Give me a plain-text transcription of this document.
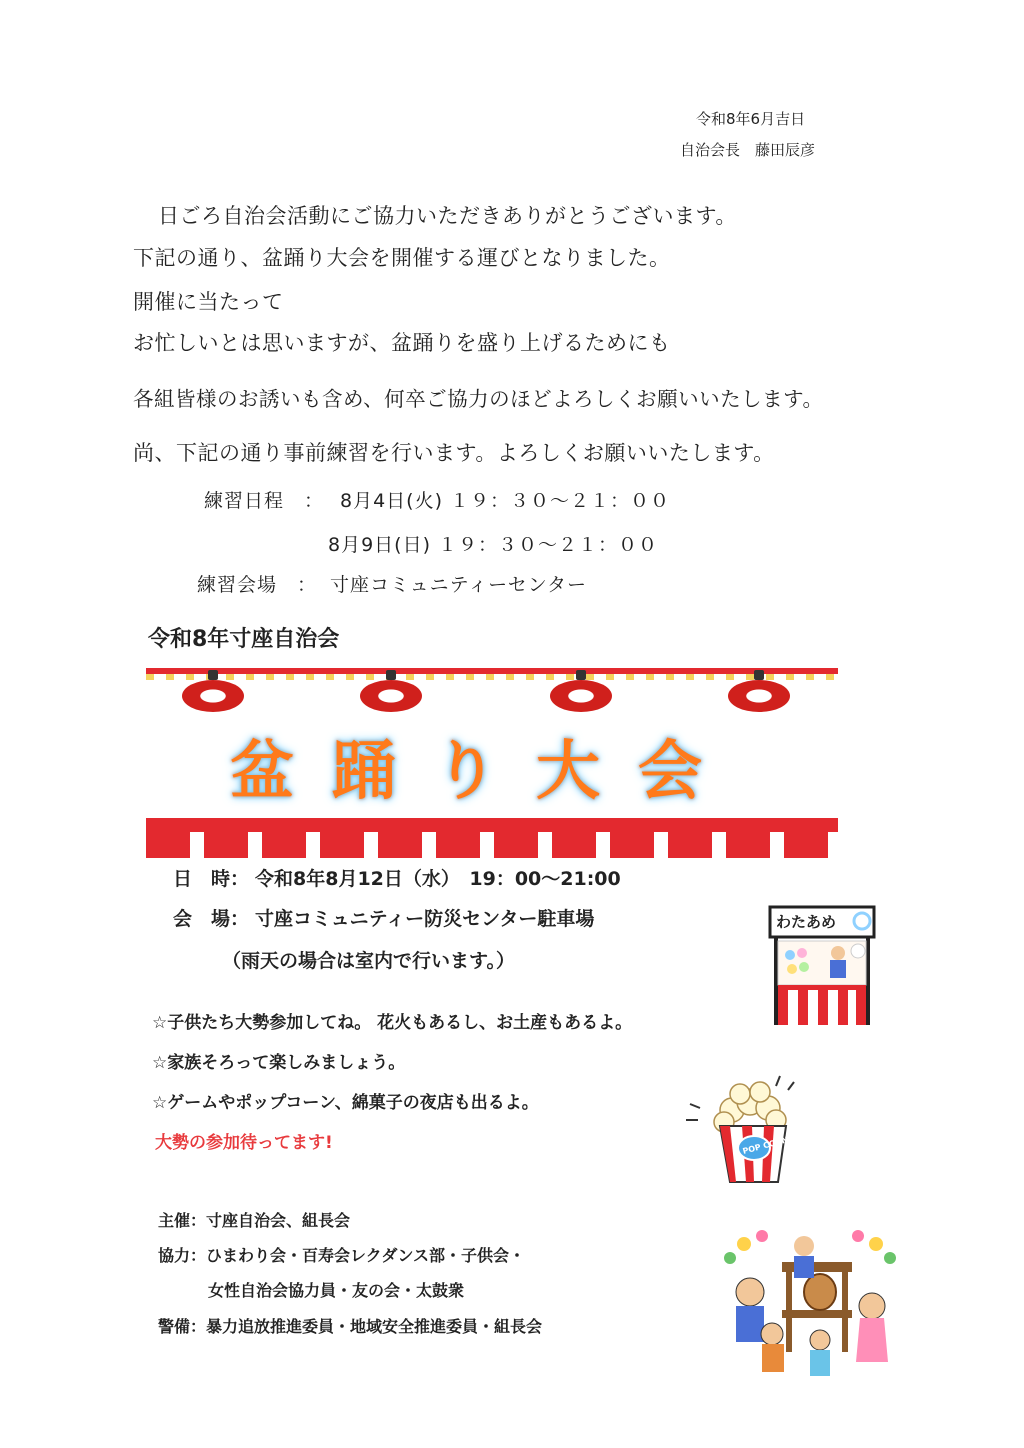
令和8年6月吉日
自治会長　藤田辰彦
日ごろ自治会活動にご協力いただきありがとうございます。
下記の通り、盆踊り大会を開催する運びとなりました。
開催に当たって
お忙しいとは思いますが、盆踊りを盛り上げるためにも
各組皆様のお誘いも含め、何卒ご協力のほどよろしくお願いいたします。
尚、下記の通り事前練習を行います。よろしくお願いいたします。
練習日程　： 8月4日(火) １９：３０～２１：００
8月9日(日) １９：３０～２１：００
練習会場　： 寸座コミュニティーセンター
令和8年寸座自治会
盆踊り大会
日　時： 令和8年8月12日（水）　19：00～21:00
会　場： 寸座コミュニティー防災センター駐車場
（雨天の場合は室内で行います。）
わたあめ
☆子供たち大勢参加してね。 花火もあるし、お土産もあるよ。
☆家族そろって楽しみましょう。
☆ゲームやポップコーン、綿菓子の夜店も出るよ。
大勢の参加待ってます!	POP CORN
主催：寸座自治会、組長会
協力：ひまわり会・百寿会レクダンス部・子供会・
女性自治会協力員・友の会・太鼓衆
警備：暴力追放推進委員・地域安全推進委員・組長会
